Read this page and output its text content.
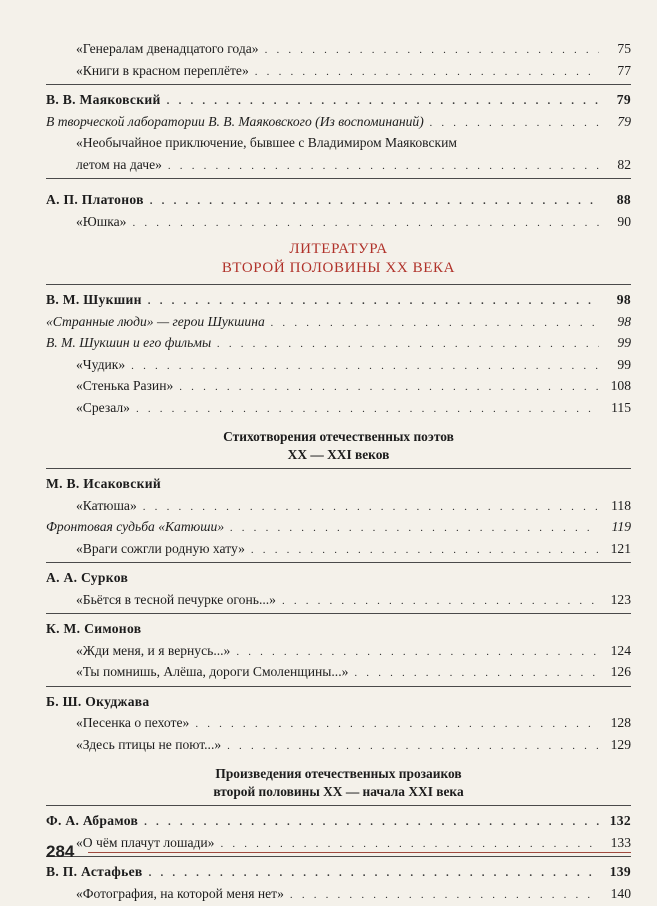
«Генералам двенадцатого года» . . .	75
«Книги в красном переплёте» . . .	77
В. В. Маяковский . . .	79
В творческой лаборатории В. В. Маяковского (Из воспоминаний) . . .	79
«Необычайное приключение, бывшее с Владимиром Маяковским
летом на даче» . . .	82
А. П. Платонов . . .	88
«Юшка» . . .	90
ЛИТЕРАТУРА
ВТОРОЙ ПОЛОВИНЫ XX ВЕКА
В. М. Шукшин . . .	98
«Странные люди» — герои Шукшина . . .	98
В. М. Шукшин и его фильмы . . .	99
«Чудик» . . .	99
«Стенька Разин» . . .	108
«Срезал» . . .	115
Стихотворения отечественных поэтов
XX — XXI веков
М. В. Исаковский
«Катюша» . . .	118
Фронтовая судьба «Катюши» . . .	119
«Враги сожгли родную хату» . . .	121
А. А. Сурков
«Бьётся в тесной печурке огонь...» . . .	123
К. М. Симонов
«Жди меня, и я вернусь...» . . .	124
«Ты помнишь, Алёша, дороги Смоленщины...» . . .	126
Б. Ш. Окуджава
«Песенка о пехоте» . . .	128
«Здесь птицы не поют...» . . .	129
Произведения отечественных прозаиков
второй половины XX — начала XXI века
Ф. А. Абрамов . . .	132
«О чём плачут лошади» . . .	133
В. П. Астафьев . . .	139
«Фотография, на которой меня нет» . . .	140
284
